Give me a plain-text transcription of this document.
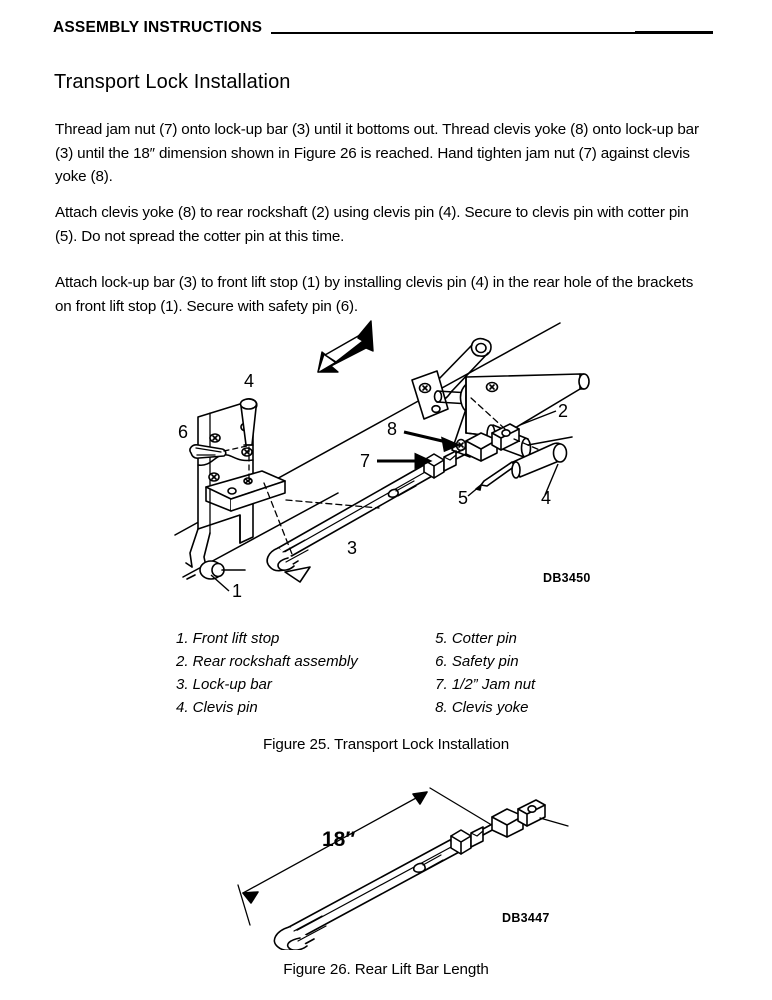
ASSEMBLY INSTRUCTIONS
Transport Lock Installation

Thread jam nut (7) onto lock-up bar (3) until it bottoms out. Thread clevis yoke (8) onto lock-up bar (3) until the 18″ dimension shown in Figure 26 is reached. Hand tighten jam nut (7) against clevis yoke (8).

Attach clevis yoke (8) to rear rockshaft (2) using clevis pin (4). Secure to clevis pin with cotter pin (5). Do not spread the cotter pin at this time.

Attach lock-up bar (3) to front lift stop (1) by installing clevis pin (4) in the rear hole of the brackets on front lift stop (1). Secure with safety pin (6).

4
6
1
3
8
7
5	4
2
DB3450
1. Front lift stop
2. Rear rockshaft assembly
3. Lock-up bar
4. Clevis pin
5. Cotter pin
6. Safety pin
7. 1/2” Jam nut
8. Clevis yoke
Figure 25. Transport Lock Installation
18″
DB3447
Figure 26. Rear Lift Bar Length
